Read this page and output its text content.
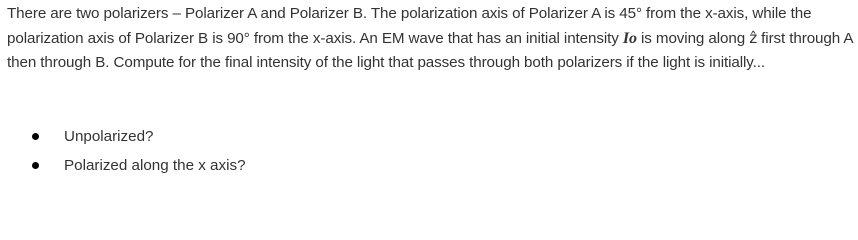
There are two polarizers – Polarizer A and Polarizer B. The polarization axis of Polarizer A is 45° from the x-axis, while the polarization axis of Polarizer B is 90° from the x-axis. An EM wave that has an initial intensity Io is moving along ẑ first through A then through B. Compute for the final intensity of the light that passes through both polarizers if the light is initially...

Unpolarized?
Polarized along the x axis?
